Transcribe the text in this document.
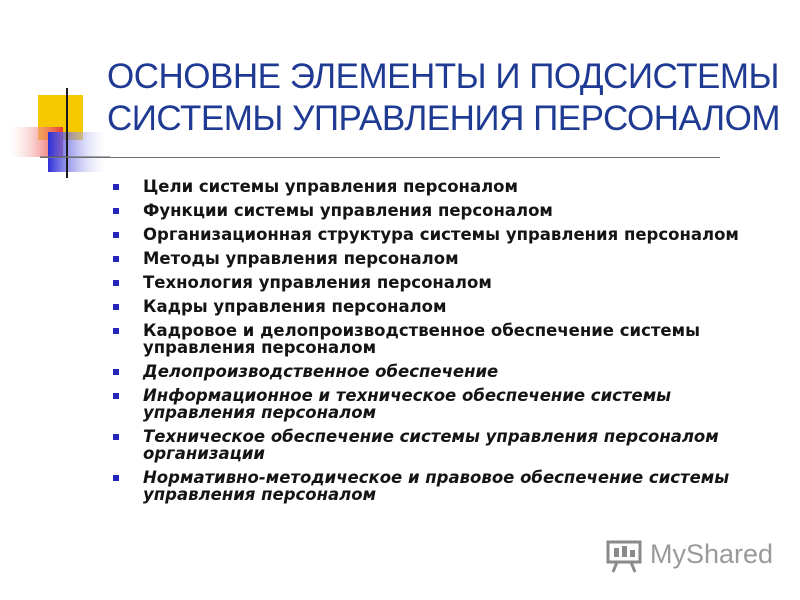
ОСНОВНЕ ЭЛЕМЕНТЫ И ПОДСИСТЕМЫ
СИСТЕМЫ УПРАВЛЕНИЯ ПЕРСОНАЛОМ
Цели системы управления персоналом
Функции системы управления персоналом
Организационная структура системы управления персоналом
Методы управления персоналом
Технология управления персоналом
Кадры управления персоналом
Кадровое и делопроизводственное обеспечение системы управления персоналом
Делопроизводственное обеспечение
Информационное и техническое обеспечение системы управления персоналом
Техническое обеспечение системы управления персоналом организации
Нормативно-методическое и правовое обеспечение системы управления персоналом
MyShared
